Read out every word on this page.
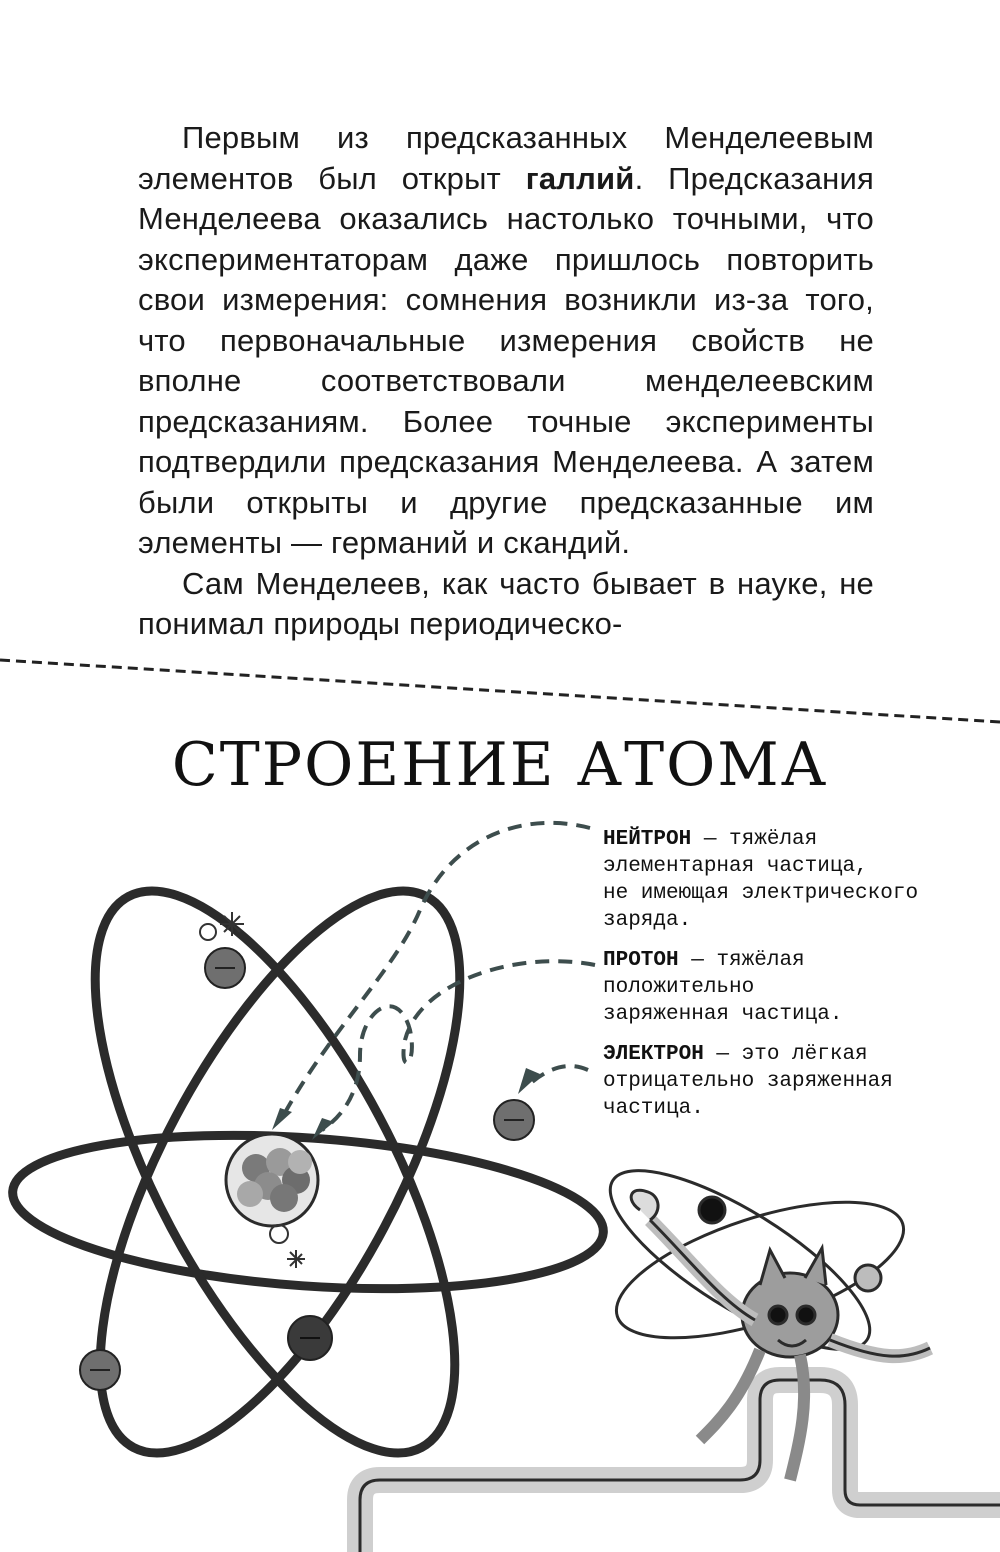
Первым из предсказанных Менделеевым элементов был открыт галлий. Предсказания Менделеева оказались настолько точными, что экспериментаторам даже пришлось повторить свои измерения: сомнения возникли из-за того, что первоначальные измерения свойств не вполне соответствовали менделеевским предсказаниям. Более точные эксперименты подтвердили предсказания Менделеева. А затем были открыты и другие предсказанные им элементы — германий и скандий.

Сам Менделеев, как часто бывает в науке, не понимал природы периодическо-

СТРОЕНИЕ АТОМА
НЕЙТРОН — тяжёлая
элементарная частица,
не имеющая электрического
заряда.
ПРОТОН — тяжёлая
положительно
заряженная частица.
ЭЛЕКТРОН — это лёгкая
отрицательно заряженная
частица.
